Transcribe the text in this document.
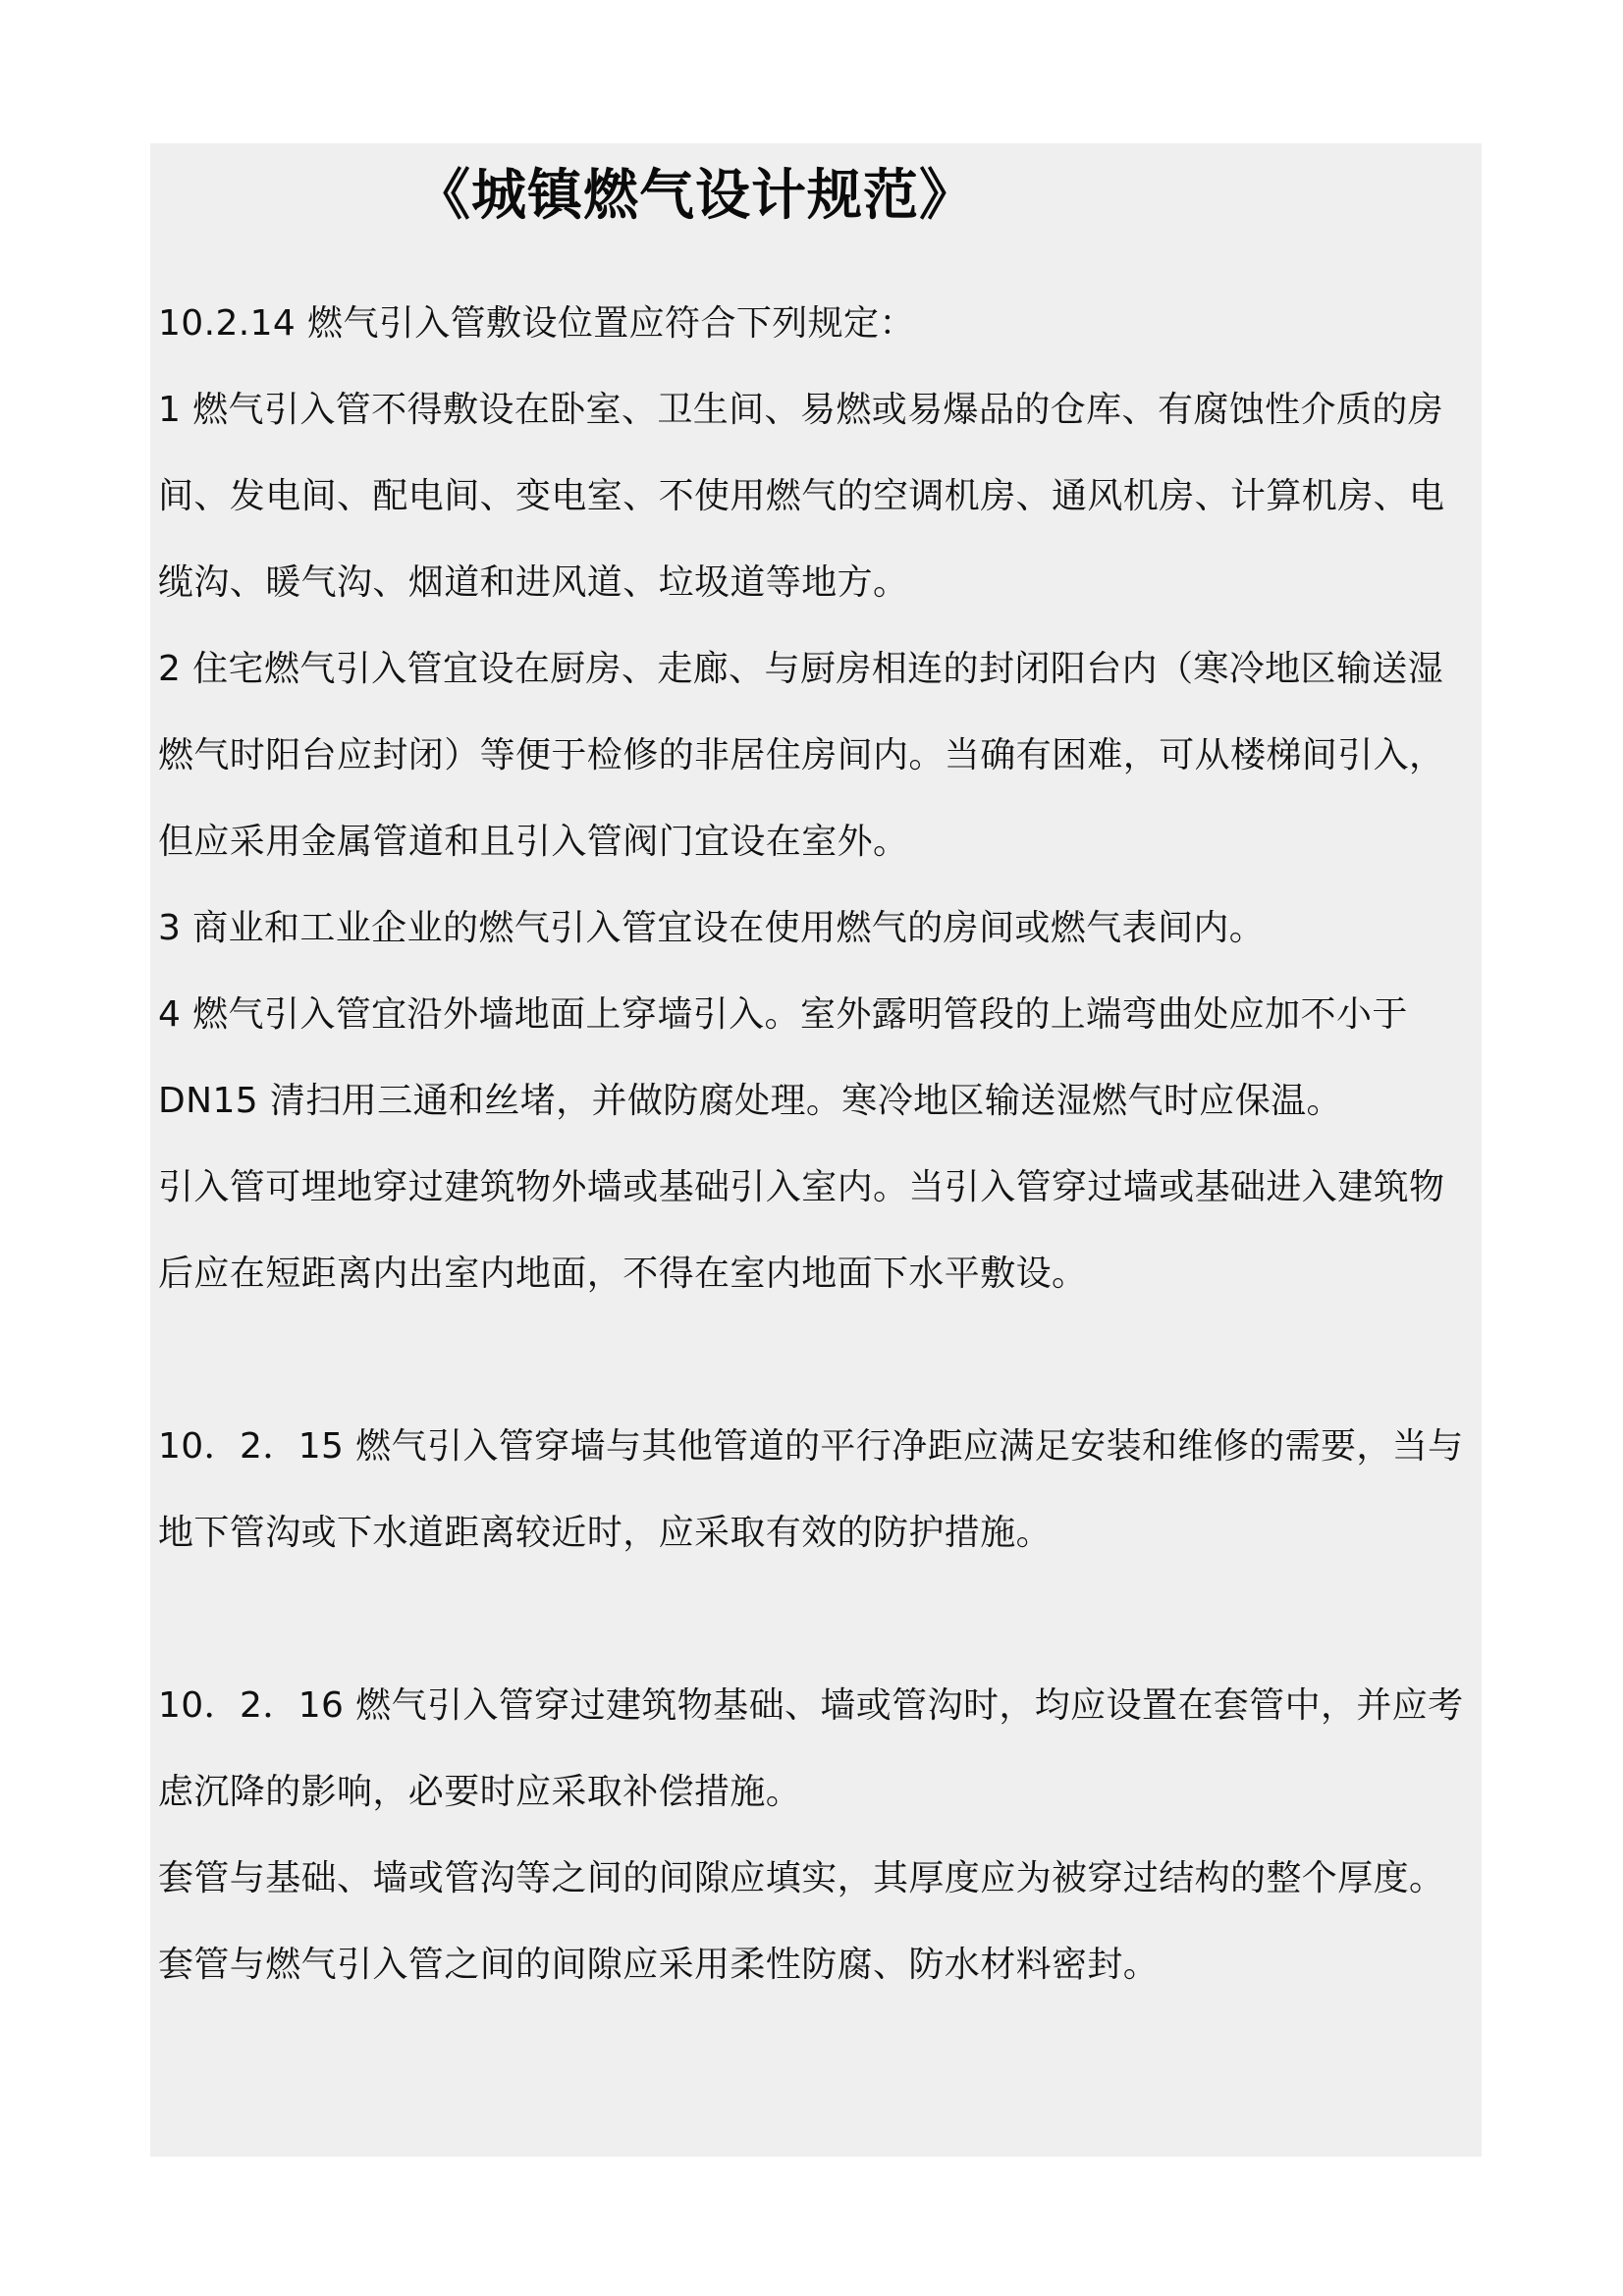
《城镇燃气设计规范》

10.2.14 燃气引入管敷设位置应符合下列规定：

1 燃气引入管不得敷设在卧室、卫生间、易燃或易爆品的仓库、有腐蚀性介质的房间、发电间、配电间、变电室、不使用燃气的空调机房、通风机房、计算机房、电缆沟、暖气沟、烟道和进风道、垃圾道等地方。

2 住宅燃气引入管宜设在厨房、走廊、与厨房相连的封闭阳台内（寒冷地区输送湿燃气时阳台应封闭）等便于检修的非居住房间内。当确有困难，可从楼梯间引入，但应采用金属管道和且引入管阀门宜设在室外。

3 商业和工业企业的燃气引入管宜设在使用燃气的房间或燃气表间内。

4 燃气引入管宜沿外墙地面上穿墙引入。室外露明管段的上端弯曲处应加不小于 DN15 清扫用三通和丝堵，并做防腐处理。寒冷地区输送湿燃气时应保温。

引入管可埋地穿过建筑物外墙或基础引入室内。当引入管穿过墙或基础进入建筑物后应在短距离内出室内地面，不得在室内地面下水平敷设。

10．2．15 燃气引入管穿墙与其他管道的平行净距应满足安装和维修的需要，当与地下管沟或下水道距离较近时，应采取有效的防护措施。

10．2．16 燃气引入管穿过建筑物基础、墙或管沟时，均应设置在套管中，并应考虑沉降的影响，必要时应采取补偿措施。

套管与基础、墙或管沟等之间的间隙应填实，其厚度应为被穿过结构的整个厚度。

套管与燃气引入管之间的间隙应采用柔性防腐、防水材料密封。
